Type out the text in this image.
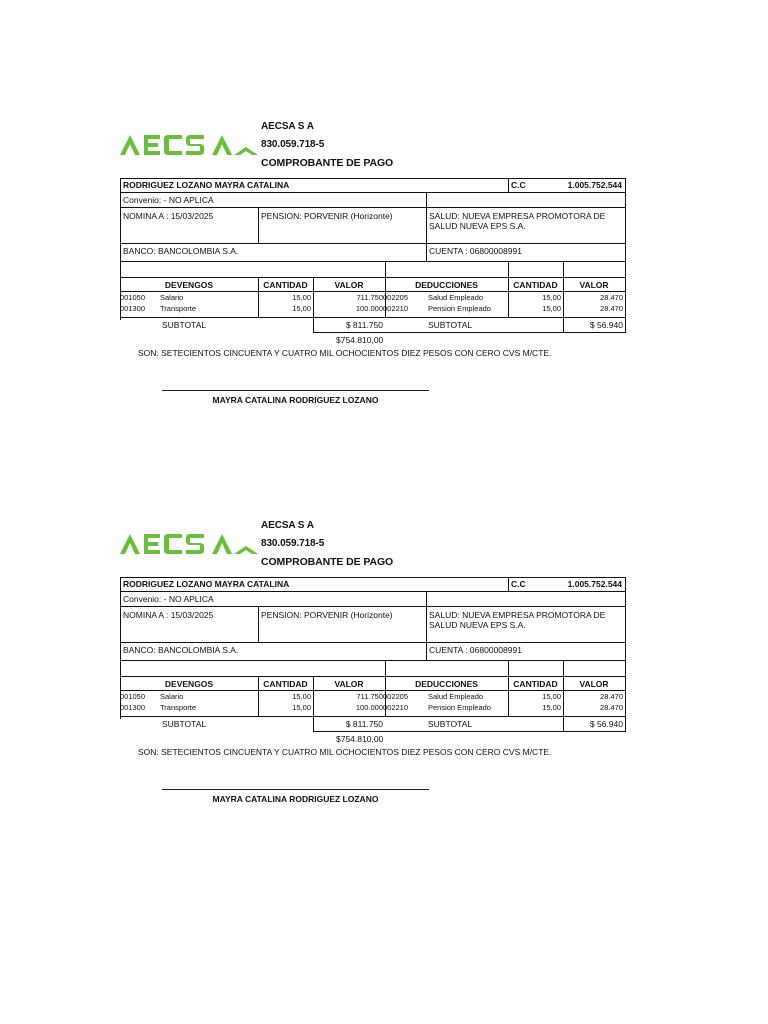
AECSA S A
830.059.718-5
COMPROBANTE DE PAGO
RODRIGUEZ LOZANO MAYRA CATALINA	C.C	1.005.752.544
Convenio: - NO APLICA
NOMINA A : 15/03/2025	PENSION: PORVENIR (Horizonte)	SALUD: NUEVA EMPRESA PROMOTORA DE SALUD NUEVA EPS S.A.
BANCO: BANCOLOMBIA S.A.	CUENTA : 06800008991
DEVENGOS	CANTIDAD	VALOR	DEDUCCIONES	CANTIDAD	VALOR
001050 Salario	15,00	711.750 002205	Salud Empleado	15,00	28.470
001300 Transporte	15,00	100.000 002210	Pension Empleado	15,00	28.470
SUBTOTAL	$ 811.750	SUBTOTAL	$ 56.940
$754.810,00
SON: SETECIENTOS CINCUENTA Y CUATRO MIL OCHOCIENTOS DIEZ PESOS CON CERO CVS M/CTE.
MAYRA CATALINA RODRIGUEZ LOZANO
AECSA S A
830.059.718-5
COMPROBANTE DE PAGO
RODRIGUEZ LOZANO MAYRA CATALINA	C.C	1.005.752.544
Convenio: - NO APLICA
NOMINA A : 15/03/2025	PENSION: PORVENIR (Horizonte)	SALUD: NUEVA EMPRESA PROMOTORA DE SALUD NUEVA EPS S.A.
BANCO: BANCOLOMBIA S.A.	CUENTA : 06800008991
DEVENGOS	CANTIDAD	VALOR	DEDUCCIONES	CANTIDAD	VALOR
001050 Salario	15,00	711.750 002205	Salud Empleado	15,00	28.470
001300 Transporte	15,00	100.000 002210	Pension Empleado	15,00	28.470
SUBTOTAL	$ 811.750	SUBTOTAL	$ 56.940
$754.810,00
SON: SETECIENTOS CINCUENTA Y CUATRO MIL OCHOCIENTOS DIEZ PESOS CON CERO CVS M/CTE.
MAYRA CATALINA RODRIGUEZ LOZANO
